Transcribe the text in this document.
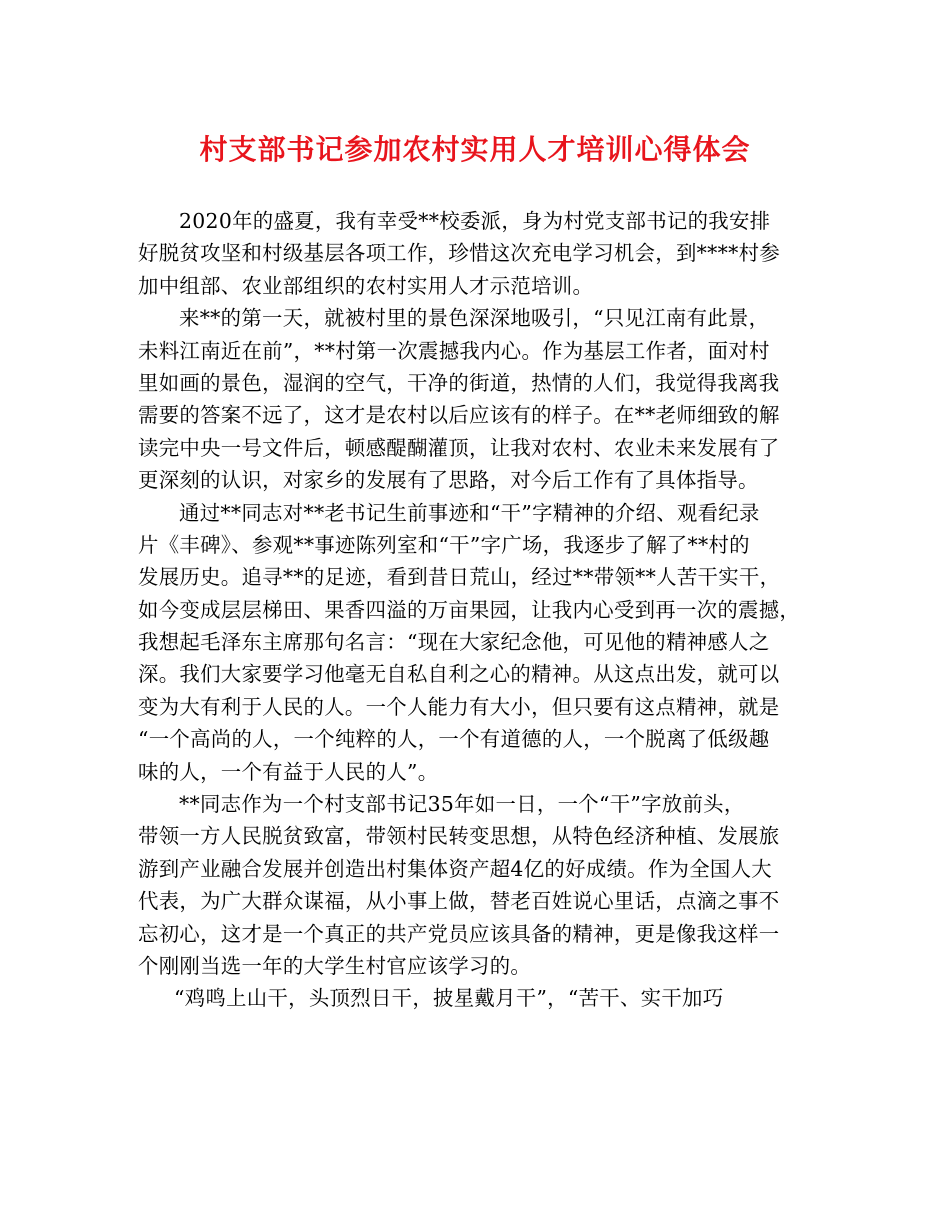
村支部书记参加农村实用人才培训心得体会
2020年的盛夏，我有幸受**校委派，身为村党支部书记的我安排
好脱贫攻坚和村级基层各项工作，珍惜这次充电学习机会，到****村参
加中组部、农业部组织的农村实用人才示范培训。
来**的第一天，就被村里的景色深深地吸引，“只见江南有此景，
未料江南近在前”，**村第一次震撼我内心。作为基层工作者，面对村
里如画的景色，湿润的空气，干净的街道，热情的人们，我觉得我离我
需要的答案不远了，这才是农村以后应该有的样子。在**老师细致的解
读完中央一号文件后，顿感醍醐灌顶，让我对农村、农业未来发展有了
更深刻的认识，对家乡的发展有了思路，对今后工作有了具体指导。
通过**同志对**老书记生前事迹和“干”字精神的介绍、观看纪录
片《丰碑》、参观**事迹陈列室和“干”字广场，我逐步了解了**村的
发展历史。追寻**的足迹，看到昔日荒山，经过**带领**人苦干实干，
如今变成层层梯田、果香四溢的万亩果园，让我内心受到再一次的震撼，
我想起毛泽东主席那句名言：“现在大家纪念他，可见他的精神感人之
深。我们大家要学习他毫无自私自利之心的精神。从这点出发，就可以
变为大有利于人民的人。一个人能力有大小，但只要有这点精神，就是
“一个高尚的人，一个纯粹的人，一个有道德的人，一个脱离了低级趣
味的人，一个有益于人民的人”。
**同志作为一个村支部书记35年如一日，一个“干”字放前头，
带领一方人民脱贫致富，带领村民转变思想，从特色经济种植、发展旅
游到产业融合发展并创造出村集体资产超4亿的好成绩。作为全国人大
代表，为广大群众谋福，从小事上做，替老百姓说心里话，点滴之事不
忘初心，这才是一个真正的共产党员应该具备的精神，更是像我这样一
个刚刚当选一年的大学生村官应该学习的。
“鸡鸣上山干，头顶烈日干，披星戴月干”，“苦干、实干加巧
